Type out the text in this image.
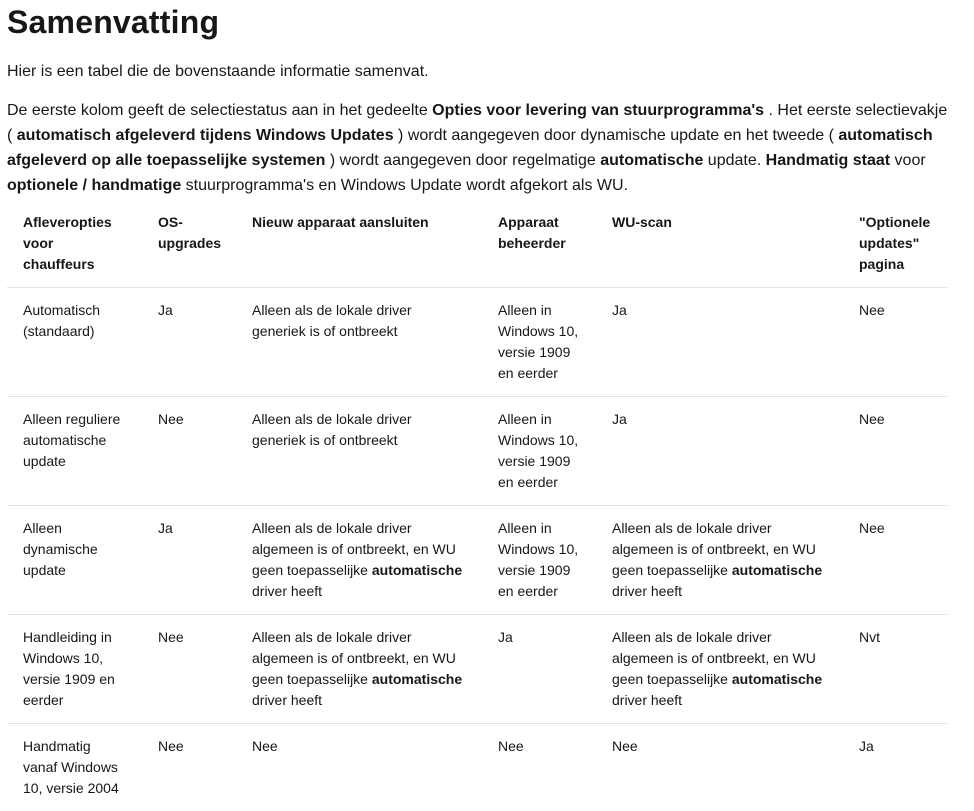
Samenvatting

Hier is een tabel die de bovenstaande informatie samenvat.

De eerste kolom geeft de selectiestatus aan in het gedeelte Opties voor levering van stuurprogramma's . Het eerste selectievakje ( automatisch afgeleverd tijdens Windows Updates ) wordt aangegeven door dynamische update en het tweede ( automatisch afgeleverd op alle toepasselijke systemen ) wordt aangegeven door regelmatige automatische update. Handmatig staat voor optionele / handmatige stuurprogramma's en Windows Update wordt afgekort als WU.

Afleveropties voor chauffeurs	OS-upgrades	Nieuw apparaat aansluiten	Apparaat beheerder	WU-scan	"Optionele updates" pagina
Automatisch (standaard)	Ja	Alleen als de lokale driver generiek is of ontbreekt	Alleen in Windows 10, versie 1909 en eerder	Ja	Nee
Alleen reguliere automatische update	Nee	Alleen als de lokale driver generiek is of ontbreekt	Alleen in Windows 10, versie 1909 en eerder	Ja	Nee
Alleen dynamische update	Ja	Alleen als de lokale driver algemeen is of ontbreekt, en WU geen toepasselijke automatische driver heeft	Alleen in Windows 10, versie 1909 en eerder	Alleen als de lokale driver algemeen is of ontbreekt, en WU geen toepasselijke automatische driver heeft	Nee
Handleiding in Windows 10, versie 1909 en eerder	Nee	Alleen als de lokale driver algemeen is of ontbreekt, en WU geen toepasselijke automatische driver heeft	Ja	Alleen als de lokale driver algemeen is of ontbreekt, en WU geen toepasselijke automatische driver heeft	Nvt
Handmatig vanaf Windows 10, versie 2004	Nee	Nee	Nee	Nee	Ja
